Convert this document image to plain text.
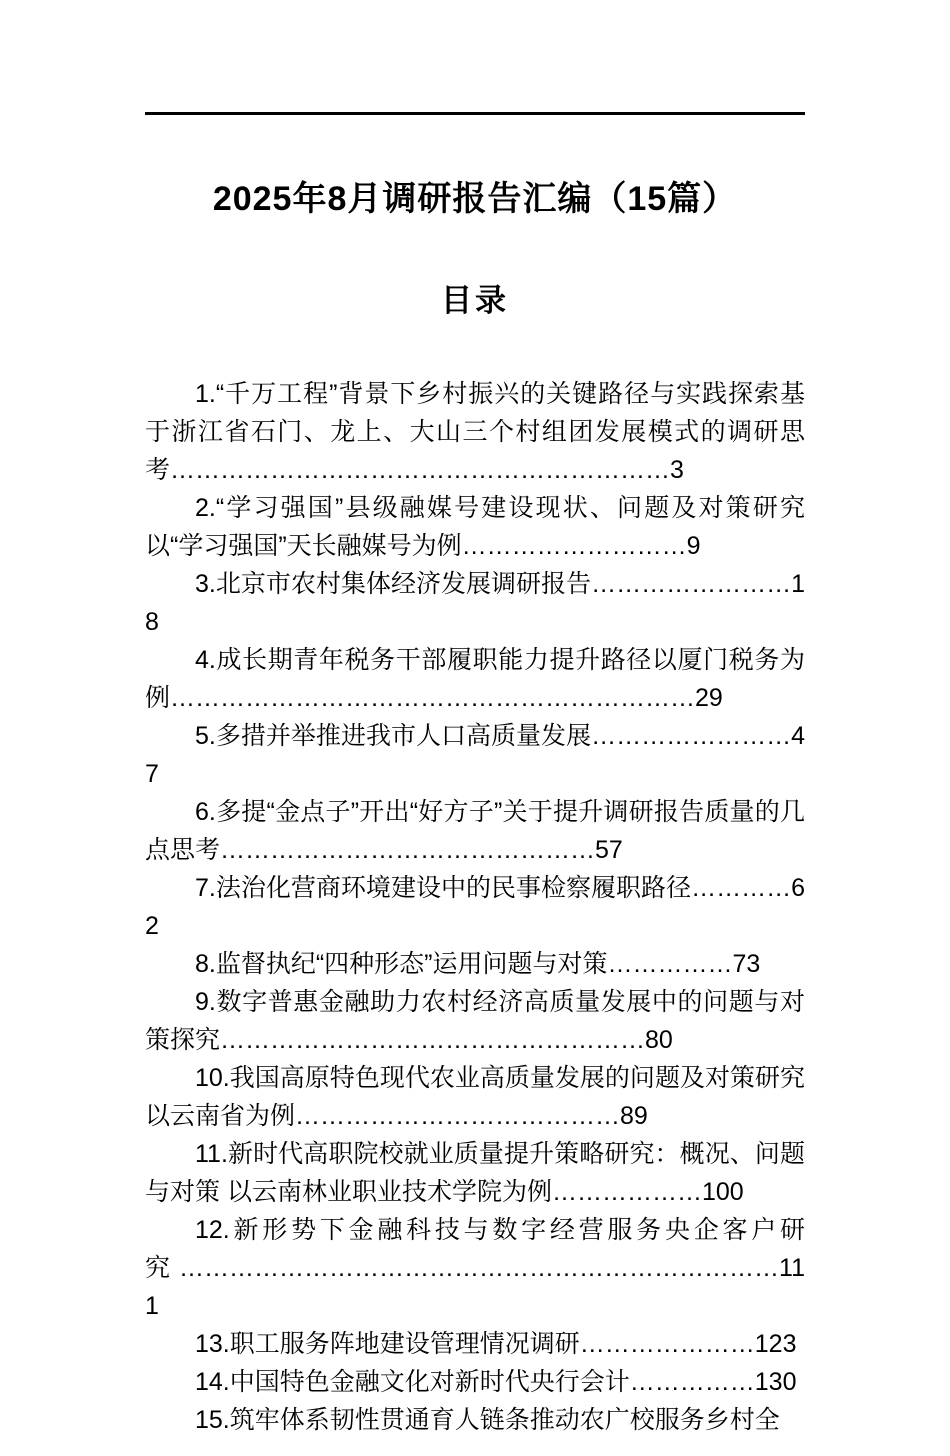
2025年8月调研报告汇编（15篇）
目录

1.“千万工程”背景下乡村振兴的关键路径与实践探索基于浙江省石门、龙上、大山三个村组团发展模式的调研思考……………………………………………………3

2.“学习强国”县级融媒号建设现状、问题及对策研究以“学习强国”天长融媒号为例………………………9

3.北京市农村集体经济发展调研报告……………………18

4.成长期青年税务干部履职能力提升路径以厦门税务为例………………………………………………………29

5.多措并举推进我市人口高质量发展……………………47

6.多提“金点子”开出“好方子”关于提升调研报告质量的几点思考………………………………………57

7.法治化营商环境建设中的民事检察履职路径…………62

8.监督执纪“四种形态”运用问题与对策……………73

9.数字普惠金融助力农村经济高质量发展中的问题与对策探究……………………………………………80

10.我国高原特色现代农业高质量发展的问题及对策研究以云南省为例…………………………………89

11.新时代高职院校就业质量提升策略研究：概况、问题与对策 以云南林业职业技术学院为例………………100

12.新形势下金融科技与数字经营服务央企客户研究………………………………………………………………111

13.职工服务阵地建设管理情况调研…………………123

14.中国特色金融文化对新时代央行会计……………130

15.筑牢体系韧性贯通育人链条推动农广校服务乡村全
